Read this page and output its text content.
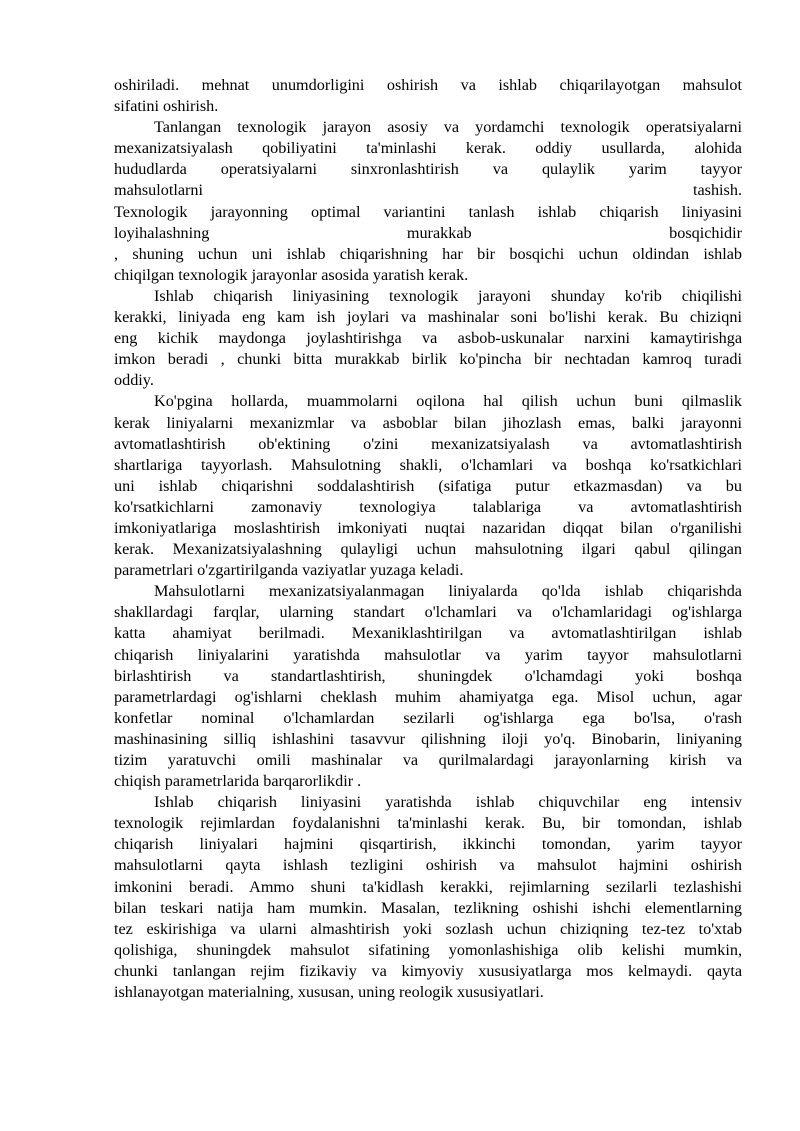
oshiriladi. mehnat unumdorligini oshirish va ishlab chiqarilayotgan mahsulot
sifatini oshirish.
Tanlangan texnologik jarayon asosiy va yordamchi texnologik operatsiyalarni
mexanizatsiyalash qobiliyatini ta'minlashi kerak. oddiy usullarda, alohida
hududlarda operatsiyalarni sinxronlashtirish va qulaylik yarim tayyor
mahsulotlarni tashish.
Texnologik jarayonning optimal variantini tanlash ishlab chiqarish liniyasini
loyihalashning murakkab bosqichidir
, shuning uchun uni ishlab chiqarishning har bir bosqichi uchun oldindan ishlab
chiqilgan texnologik jarayonlar asosida yaratish kerak.
Ishlab chiqarish liniyasining texnologik jarayoni shunday ko'rib chiqilishi
kerakki, liniyada eng kam ish joylari va mashinalar soni bo'lishi kerak. Bu chiziqni
eng kichik maydonga joylashtirishga va asbob-uskunalar narxini kamaytirishga
imkon beradi , chunki bitta murakkab birlik ko'pincha bir nechtadan kamroq turadi
oddiy.
Ko'pgina hollarda, muammolarni oqilona hal qilish uchun buni qilmaslik
kerak liniyalarni mexanizmlar va asboblar bilan jihozlash emas, balki jarayonni
avtomatlashtirish ob'ektining o'zini mexanizatsiyalash va avtomatlashtirish
shartlariga tayyorlash. Mahsulotning shakli, o'lchamlari va boshqa ko'rsatkichlari
uni ishlab chiqarishni soddalashtirish (sifatiga putur etkazmasdan) va bu
ko'rsatkichlarni zamonaviy texnologiya talablariga va avtomatlashtirish
imkoniyatlariga moslashtirish imkoniyati nuqtai nazaridan diqqat bilan o'rganilishi
kerak. Mexanizatsiyalashning qulayligi uchun mahsulotning ilgari qabul qilingan
parametrlari o'zgartirilganda vaziyatlar yuzaga keladi.
Mahsulotlarni mexanizatsiyalanmagan liniyalarda qo'lda ishlab chiqarishda
shakllardagi farqlar, ularning standart o'lchamlari va o'lchamlaridagi og'ishlarga
katta ahamiyat berilmadi. Mexaniklashtirilgan va avtomatlashtirilgan ishlab
chiqarish liniyalarini yaratishda mahsulotlar va yarim tayyor mahsulotlarni
birlashtirish va standartlashtirish, shuningdek o'lchamdagi yoki boshqa
parametrlardagi og'ishlarni cheklash muhim ahamiyatga ega. Misol uchun, agar
konfetlar nominal o'lchamlardan sezilarli og'ishlarga ega bo'lsa, o'rash
mashinasining silliq ishlashini tasavvur qilishning iloji yo'q. Binobarin, liniyaning
tizim yaratuvchi omili mashinalar va qurilmalardagi jarayonlarning kirish va
chiqish parametrlarida barqarorlikdir .
Ishlab chiqarish liniyasini yaratishda ishlab chiquvchilar eng intensiv
texnologik rejimlardan foydalanishni ta'minlashi kerak. Bu, bir tomondan, ishlab
chiqarish liniyalari hajmini qisqartirish, ikkinchi tomondan, yarim tayyor
mahsulotlarni qayta ishlash tezligini oshirish va mahsulot hajmini oshirish
imkonini beradi. Ammo shuni ta'kidlash kerakki, rejimlarning sezilarli tezlashishi
bilan teskari natija ham mumkin. Masalan, tezlikning oshishi ishchi elementlarning
tez eskirishiga va ularni almashtirish yoki sozlash uchun chiziqning tez-tez to'xtab
qolishiga, shuningdek mahsulot sifatining yomonlashishiga olib kelishi mumkin,
chunki tanlangan rejim fizikaviy va kimyoviy xususiyatlarga mos kelmaydi. qayta
ishlanayotgan materialning, xususan, uning reologik xususiyatlari.
